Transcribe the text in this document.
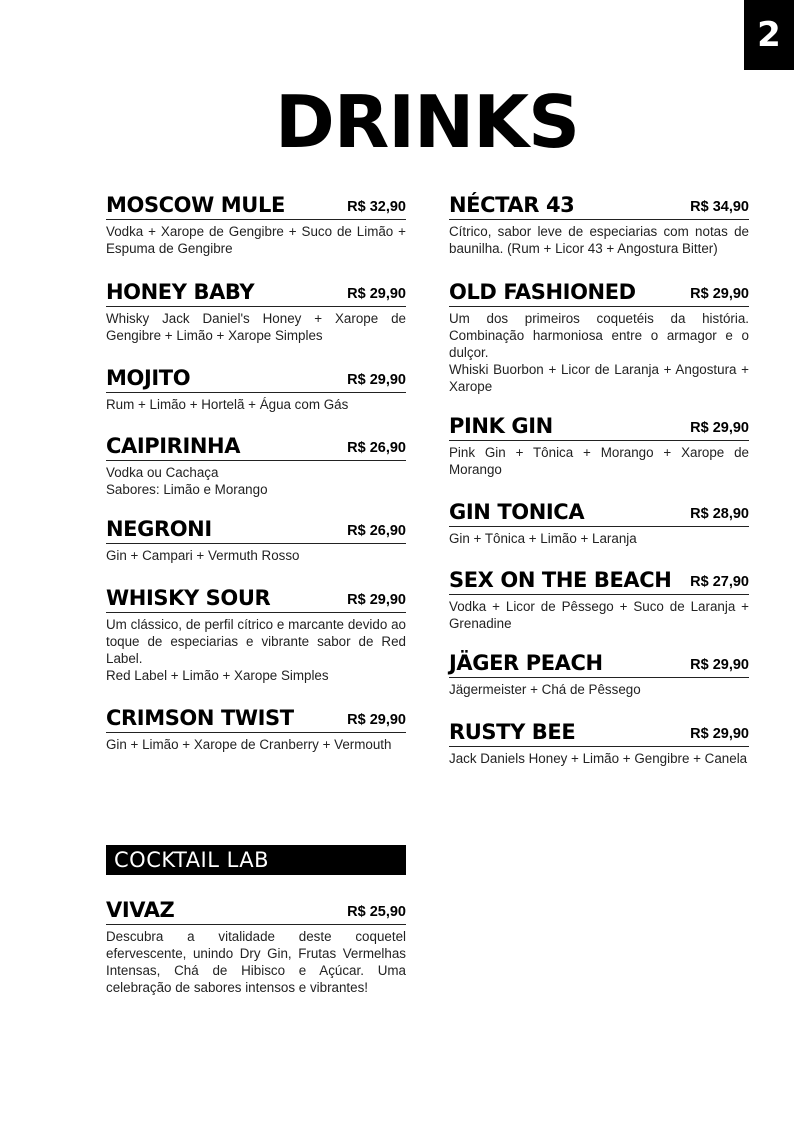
2
DRINKS
MOSCOW MULE	R$ 32,90
Vodka + Xarope de Gengibre + Suco de Limão + Espuma de Gengibre
HONEY BABY	R$ 29,90
Whisky Jack Daniel's Honey + Xarope de Gengibre + Limão + Xarope Simples
MOJITO	R$ 29,90
Rum + Limão + Hortelã + Água com Gás
CAIPIRINHA	R$ 26,90
Vodka ou Cachaça
Sabores: Limão e Morango
NEGRONI	R$ 26,90
Gin + Campari + Vermuth Rosso
WHISKY SOUR	R$ 29,90
Um clássico, de perfil cítrico e marcante devido ao toque de especiarias e vibrante sabor de Red Label.
Red Label + Limão + Xarope Simples
CRIMSON TWIST	R$ 29,90
Gin + Limão + Xarope de Cranberry + Vermouth
NÉCTAR 43	R$ 34,90
Cítrico, sabor leve de especiarias com notas de baunilha. (Rum + Licor 43 + Angostura Bitter)
OLD FASHIONED	R$ 29,90
Um dos primeiros coquetéis da história. Combinação harmoniosa entre o armagor e o dulçor.
Whiski Buorbon + Licor de Laranja + Angostura + Xarope
PINK GIN	R$ 29,90
Pink Gin + Tônica + Morango + Xarope de Morango
GIN TONICA	R$ 28,90
Gin + Tônica + Limão + Laranja
SEX ON THE BEACH R$ 27,90
Vodka + Licor de Pêssego + Suco de Laranja + Grenadine
JÄGER PEACH	R$ 29,90
Jägermeister + Chá de Pêssego
RUSTY BEE	R$ 29,90
Jack Daniels Honey + Limão + Gengibre + Canela
COCKTAIL LAB
VIVAZ	R$ 25,90
Descubra a vitalidade deste coquetel efervescente, unindo Dry Gin, Frutas Vermelhas Intensas, Chá de Hibisco e Açúcar. Uma celebração de sabores intensos e vibrantes!
